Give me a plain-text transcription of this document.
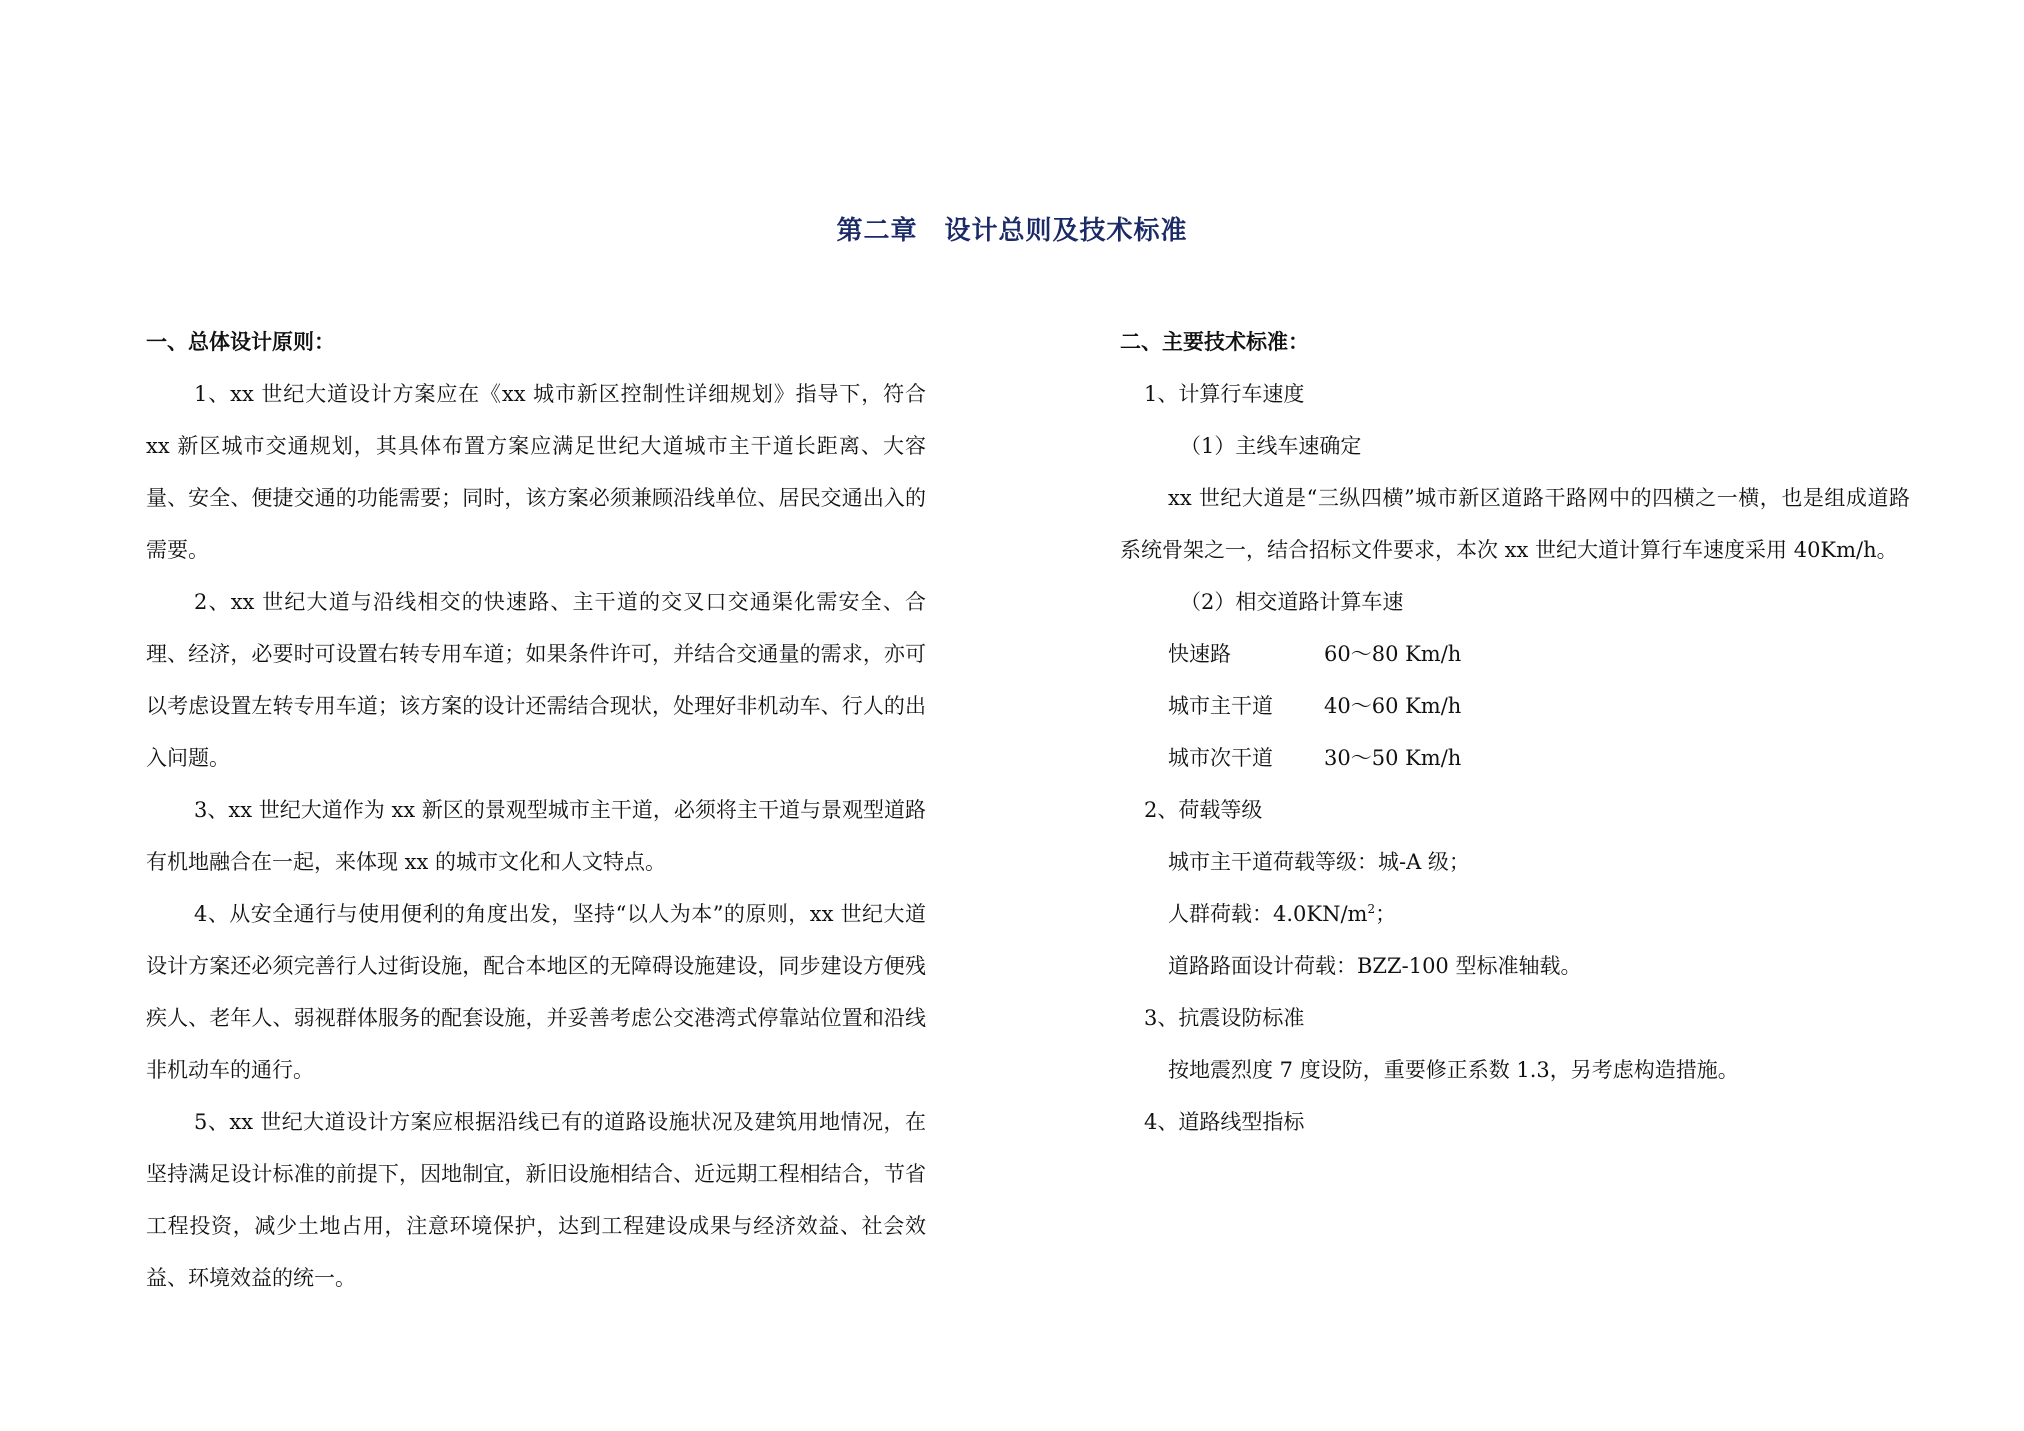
第二章　设计总则及技术标准

一、总体设计原则：

1、xx 世纪大道设计方案应在《xx 城市新区控制性详细规划》指导下，符合 xx 新区城市交通规划，其具体布置方案应满足世纪大道城市主干道长距离、大容量、安全、便捷交通的功能需要；同时，该方案必须兼顾沿线单位、居民交通出入的需要。

2、xx 世纪大道与沿线相交的快速路、主干道的交叉口交通渠化需安全、合理、经济，必要时可设置右转专用车道；如果条件许可，并结合交通量的需求，亦可以考虑设置左转专用车道；该方案的设计还需结合现状，处理好非机动车、行人的出入问题。

3、xx 世纪大道作为 xx 新区的景观型城市主干道，必须将主干道与景观型道路有机地融合在一起，来体现 xx 的城市文化和人文特点。

4、从安全通行与使用便利的角度出发，坚持“以人为本”的原则，xx 世纪大道设计方案还必须完善行人过街设施，配合本地区的无障碍设施建设，同步建设方便残疾人、老年人、弱视群体服务的配套设施，并妥善考虑公交港湾式停靠站位置和沿线非机动车的通行。

5、xx 世纪大道设计方案应根据沿线已有的道路设施状况及建筑用地情况，在坚持满足设计标准的前提下，因地制宜，新旧设施相结合、近远期工程相结合，节省工程投资，减少土地占用，注意环境保护，达到工程建设成果与经济效益、社会效益、环境效益的统一。

二、主要技术标准：

1、计算行车速度

（1）主线车速确定

xx 世纪大道是“三纵四横”城市新区道路干路网中的四横之一横，也是组成道路系统骨架之一，结合招标文件要求，本次 xx 世纪大道计算行车速度采用 40Km/h。

（2）相交道路计算车速

快速路	60～80 Km/h

城市主干道 40～60 Km/h

城市次干道 30～50 Km/h

2、荷载等级

城市主干道荷载等级：城-A 级；

人群荷载：$4.0KN/m^2$；

道路路面设计荷载：BZZ-100 型标准轴载。

3、抗震设防标准

按地震烈度 7 度设防，重要修正系数 1.3，另考虑构造措施。

4、道路线型指标
